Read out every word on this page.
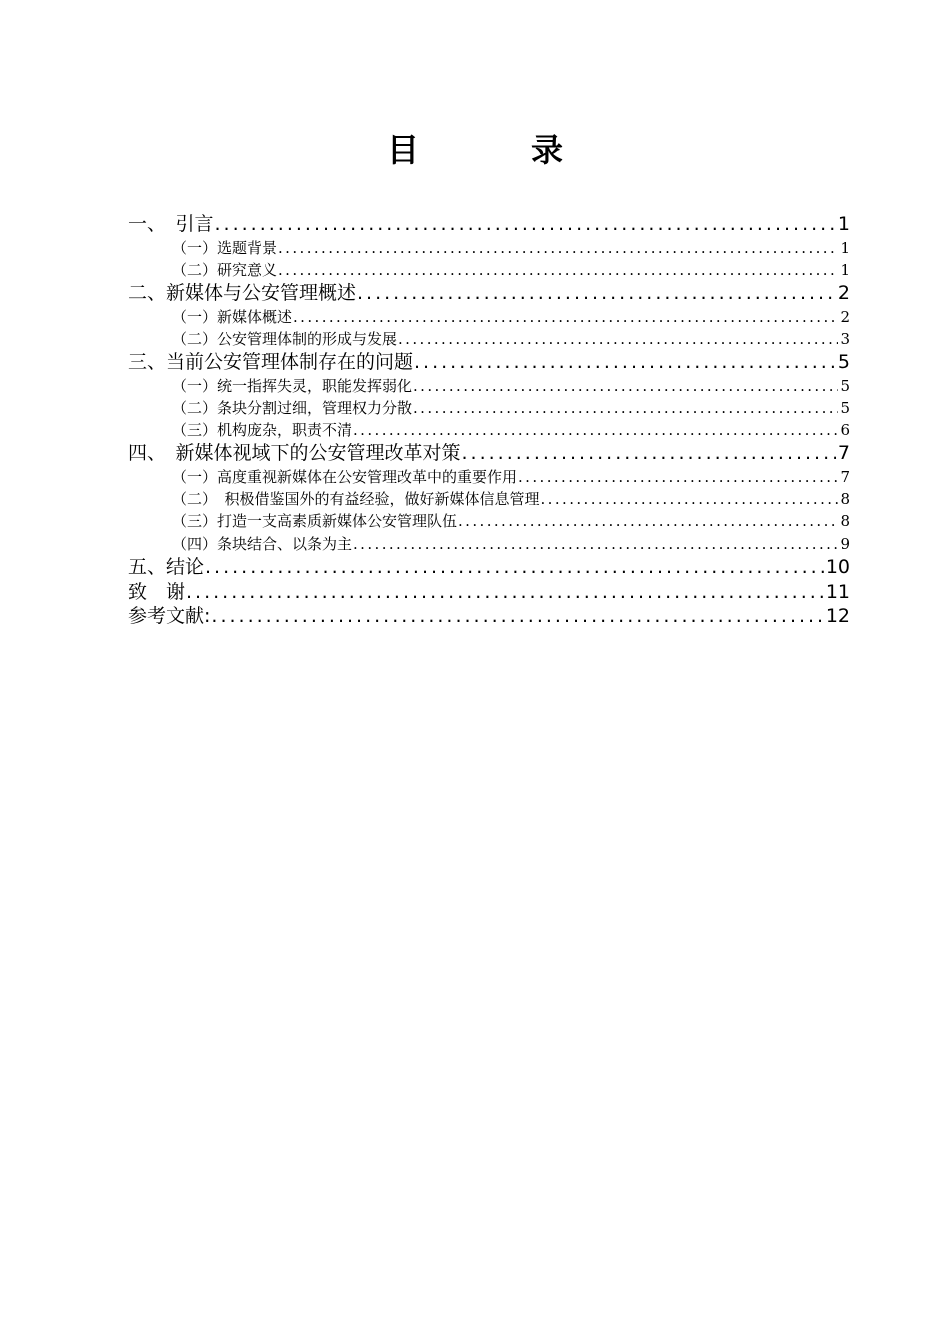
目　录
一、　引言 .....	1
（一）选题背景 .....	1
（二）研究意义 .....	1
二、新媒体与公安管理概述 .....	2
（一）新媒体概述 .....	2
（二）公安管理体制的形成与发展 .....	3
三、当前公安管理体制存在的问题 .....	5
（一）统一指挥失灵，职能发挥弱化 .....	5
（二）条块分割过细，管理权力分散 .....	5
（三）机构庞杂，职责不清 .....	6
四、　新媒体视域下的公安管理改革对策 .....	7
（一）高度重视新媒体在公安管理改革中的重要作用 .....	7
（二）　积极借鉴国外的有益经验，做好新媒体信息管理 .....	8
（三）打造一支高素质新媒体公安管理队伍 .....	8
（四）条块结合、以条为主 .....	9
五、结论 .....	10
致　谢 .....	11
参考文献: .....	12
